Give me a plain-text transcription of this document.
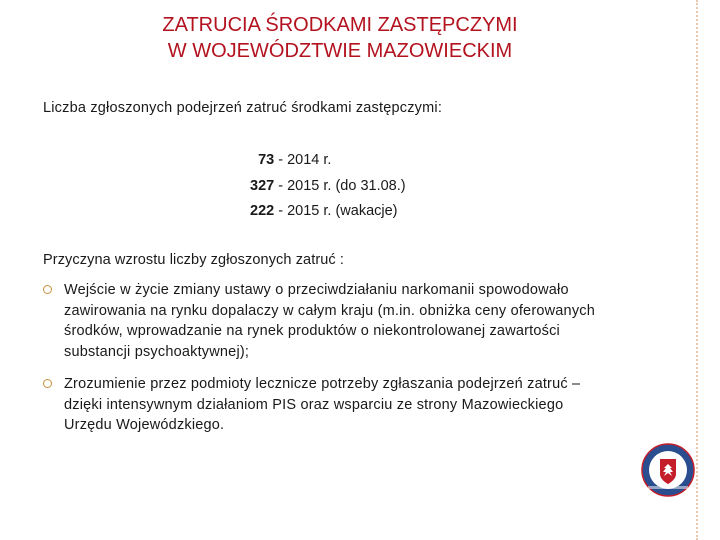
ZATRUCIA ŚRODKAMI ZASTĘPCZYMI
W WOJEWÓDZTWIE MAZOWIECKIM
Liczba zgłoszonych podejrzeń zatruć środkami zastępczymi:
 73 - 2014 r.
327 - 2015 r. (do 31.08.)
222 - 2015 r. (wakacje)
Przyczyna wzrostu liczby zgłoszonych zatruć :
Wejście w życie zmiany ustawy o przeciwdziałaniu narkomanii spowodowało zawirowania na rynku dopalaczy w całym kraju (m.in. obniżka ceny oferowanych środków, wprowadzanie na rynek produktów o niekontrolowanej zawartości substancji psychoaktywnej);
Zrozumienie przez podmioty lecznicze potrzeby zgłaszania podejrzeń zatruć – dzięki intensywnym działaniom PIS oraz wsparciu ze strony Mazowieckiego Urzędu Wojewódzkiego.
